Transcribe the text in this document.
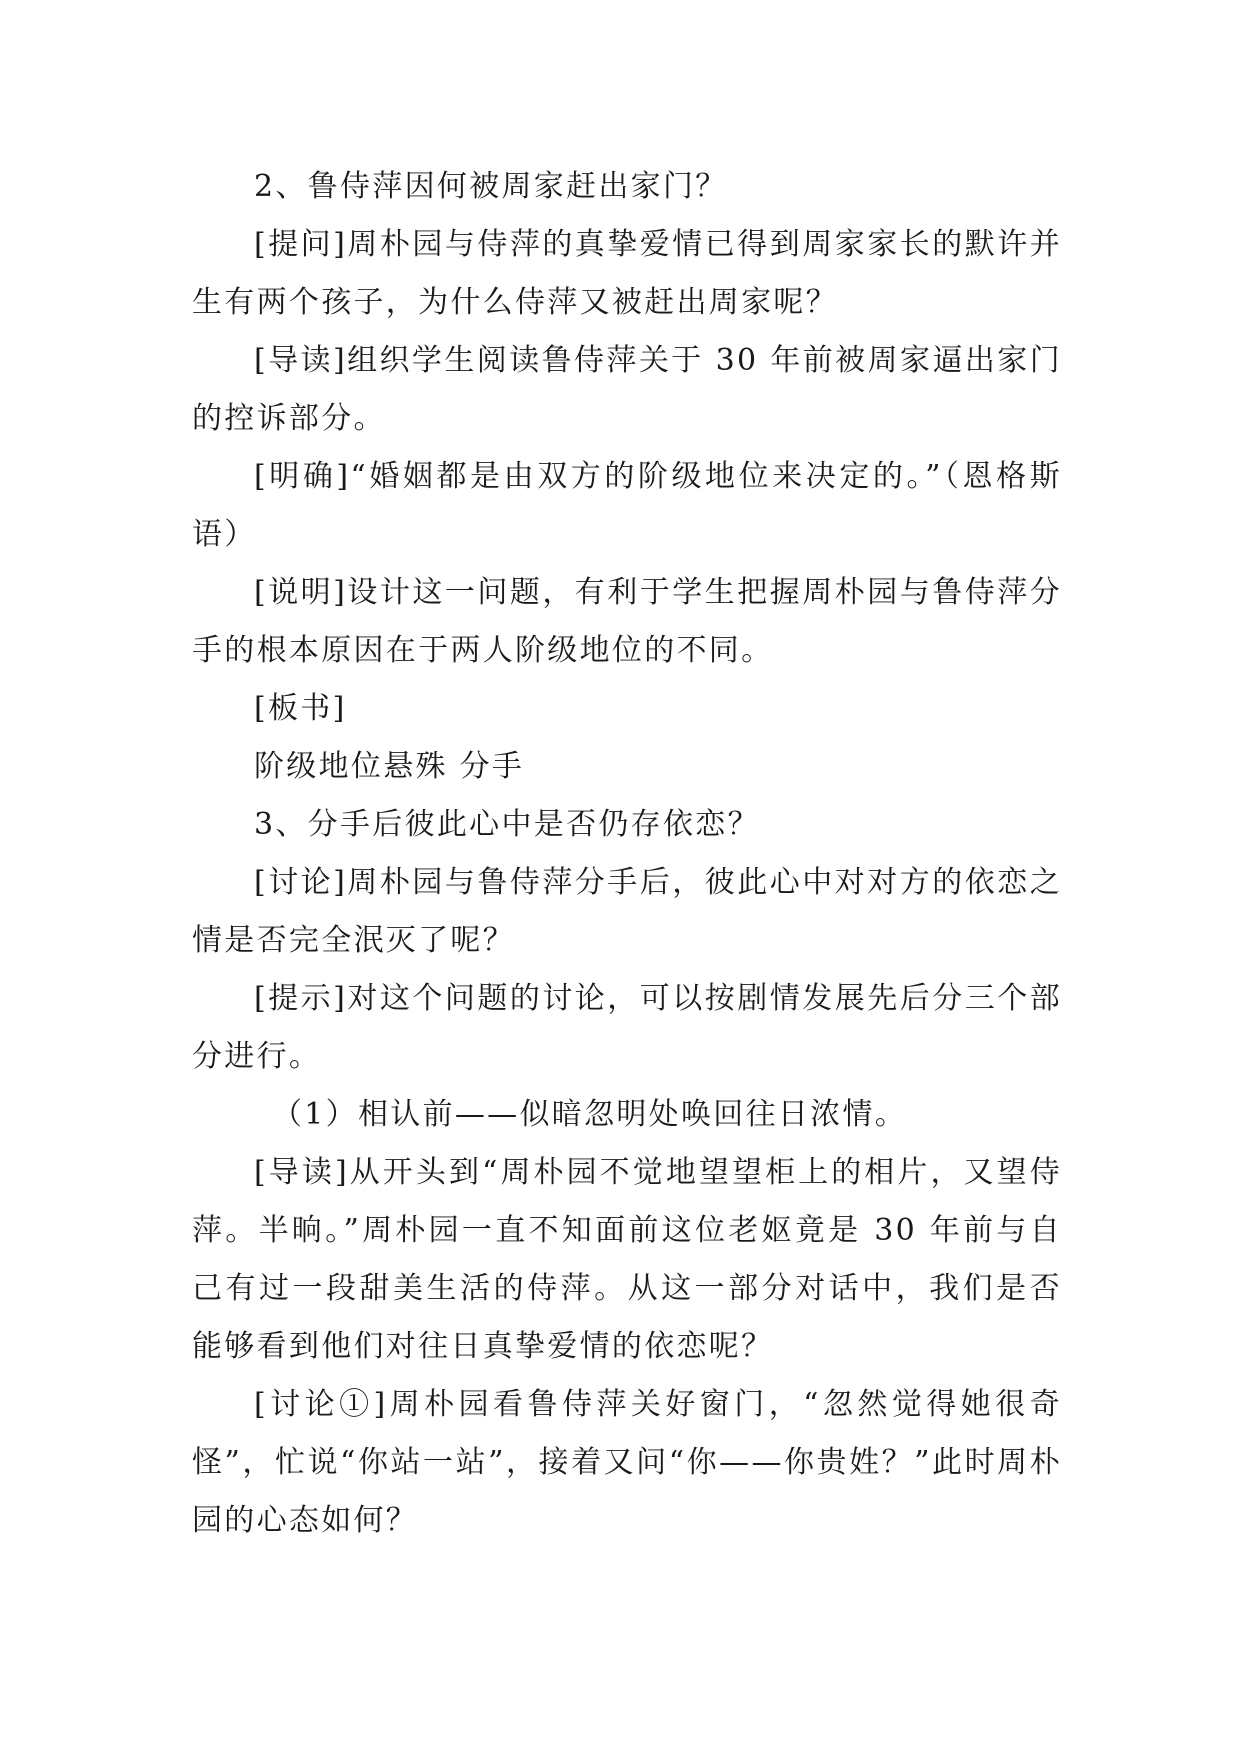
2、鲁侍萍因何被周家赶出家门？

[提问]周朴园与侍萍的真挚爱情已得到周家家长的默许并生有两个孩子，为什么侍萍又被赶出周家呢？

[导读]组织学生阅读鲁侍萍关于 30 年前被周家逼出家门的控诉部分。

[明确]“婚姻都是由双方的阶级地位来决定的。”（恩格斯语）

[说明]设计这一问题，有利于学生把握周朴园与鲁侍萍分手的根本原因在于两人阶级地位的不同。

[板书]

阶级地位悬殊 分手

3、分手后彼此心中是否仍存依恋？

[讨论]周朴园与鲁侍萍分手后，彼此心中对对方的依恋之情是否完全泯灭了呢？

[提示]对这个问题的讨论，可以按剧情发展先后分三个部分进行。

（1）相认前——似暗忽明处唤回往日浓情。

[导读]从开头到“周朴园不觉地望望柜上的相片，又望侍萍。半晌。”周朴园一直不知面前这位老妪竟是 30 年前与自己有过一段甜美生活的侍萍。从这一部分对话中，我们是否能够看到他们对往日真挚爱情的依恋呢？

[讨论①]周朴园看鲁侍萍关好窗门，“忽然觉得她很奇怪”，忙说“你站一站”，接着又问“你——你贵姓？”此时周朴园的心态如何？
